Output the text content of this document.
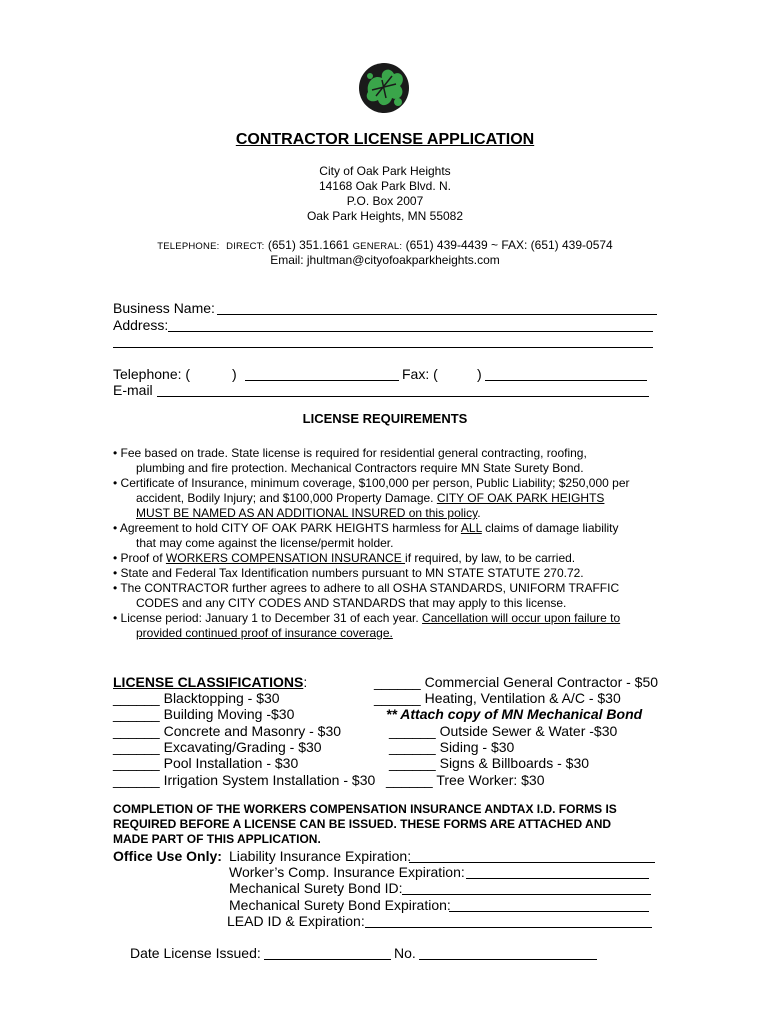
CONTRACTOR LICENSE APPLICATION
City of Oak Park Heights
14168 Oak Park Blvd. N.
P.O. Box 2007
Oak Park Heights, MN 55082
TELEPHONE: DIRECT: (651) 351.1661 GENERAL: (651) 439-4439 ~ FAX: (651) 439-0574
Email: jhultman@cityofoakparkheights.com
Business Name:
Address:
Telephone: (	)	Fax: (	)
E-mail
LICENSE REQUIREMENTS
• Fee based on trade. State license is required for residential general contracting, roofing,
plumbing and fire protection. Mechanical Contractors require MN State Surety Bond.
• Certificate of Insurance, minimum coverage, $100,000 per person, Public Liability; $250,000 per
accident, Bodily Injury; and $100,000 Property Damage. CITY OF OAK PARK HEIGHTS
MUST BE NAMED AS AN ADDITIONAL INSURED on this policy.
• Agreement to hold CITY OF OAK PARK HEIGHTS harmless for ALL claims of damage liability
that may come against the license/permit holder.
• Proof of WORKERS COMPENSATION INSURANCE if required, by law, to be carried.
• State and Federal Tax Identification numbers pursuant to MN STATE STATUTE 270.72.
• The CONTRACTOR further agrees to adhere to all OSHA STANDARDS, UNIFORM TRAFFIC
CODES and any CITY CODES AND STANDARDS that may apply to this license.
• License period: January 1 to December 31 of each year. Cancellation will occur upon failure to
provided continued proof of insurance coverage.
LICENSE CLASSIFICATIONS:
______ Blacktopping - $30
______ Building Moving -$30
______ Concrete and Masonry - $30
______ Excavating/Grading - $30
______ Pool Installation - $30
______ Irrigation System Installation - $30
______ Commercial General Contractor - $50
______ Heating, Ventilation & A/C - $30
** Attach copy of MN Mechanical Bond
______ Outside Sewer & Water -$30
______ Siding - $30
______ Signs & Billboards - $30
______ Tree Worker: $30
COMPLETION OF THE WORKERS COMPENSATION INSURANCE ANDTAX I.D. FORMS IS
REQUIRED BEFORE A LICENSE CAN BE ISSUED. THESE FORMS ARE ATTACHED AND
MADE PART OF THIS APPLICATION.
Office Use Only: Liability Insurance Expiration:
Worker’s Comp. Insurance Expiration:
Mechanical Surety Bond ID:
Mechanical Surety Bond Expiration:
LEAD ID & Expiration:
Date License Issued:	No.
